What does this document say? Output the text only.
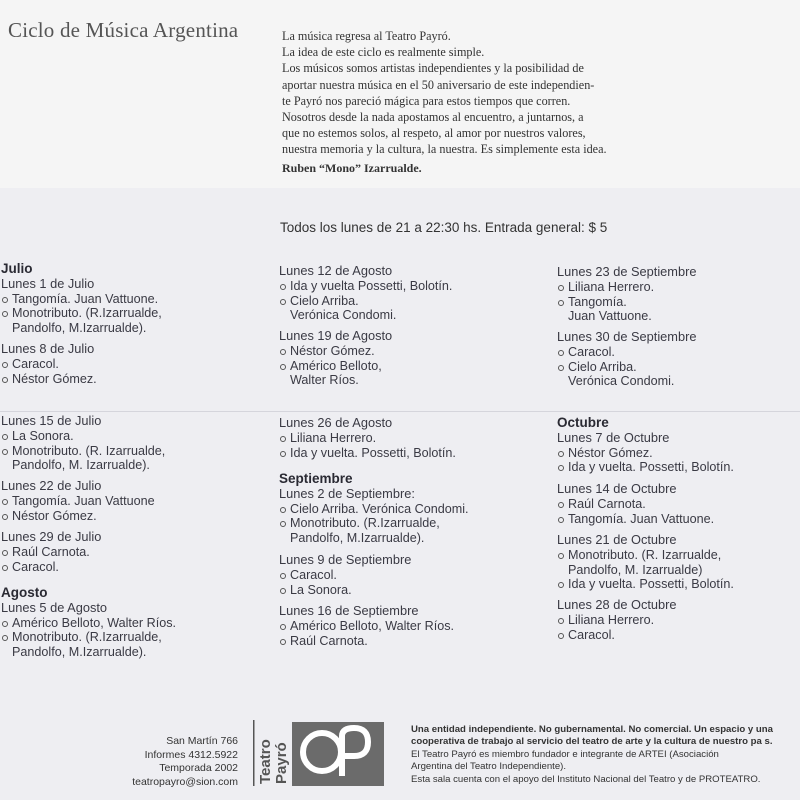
Ciclo de Música Argentina	La música regresa al Teatro Payró.
La idea de este ciclo es realmente simple.
Los músicos somos artistas independientes y la posibilidad de
aportar nuestra música en el 50 aniversario de este independien-
te Payró nos pareció mágica para estos tiempos que corren.
Nosotros desde la nada apostamos al encuentro, a juntarnos, a
que no estemos solos, al respeto, al amor por nuestros valores,
nuestra memoria y la cultura, la nuestra. Es simplemente esta idea.
Ruben “Mono” Izarrualde.
Todos los lunes de 21 a 22:30 hs. Entrada general: $ 5
Julio
Lunes 1 de Julio
Tangomía. Juan Vattuone.
Monotributo. (R.Izarrualde,
Pandolfo, M.Izarrualde).
Lunes 8 de Julio
Caracol.
Néstor Gómez.
Lunes 15 de Julio
La Sonora.
Monotributo. (R. Izarrualde,
Pandolfo, M. Izarrualde).
Lunes 22 de Julio
Tangomía. Juan Vattuone
Néstor Gómez.
Lunes 29 de Julio
Raúl Carnota.
Caracol.
Agosto
Lunes 5 de Agosto
Américo Belloto, Walter Ríos.
Monotributo. (R.Izarrualde,
Pandolfo, M.Izarrualde).
Lunes 12 de Agosto
Ida y vuelta Possetti, Bolotín.
Cielo Arriba.
Verónica Condomi.
Lunes 19 de Agosto
Néstor Gómez.
Américo Belloto,
Walter Ríos.
Lunes 26 de Agosto
Liliana Herrero.
Ida y vuelta. Possetti, Bolotín.
Septiembre
Lunes 2 de Septiembre:
Cielo Arriba. Verónica Condomi.
Monotributo. (R.Izarrualde,
Pandolfo, M.Izarrualde).
Lunes 9 de Septiembre
Caracol.
La Sonora.
Lunes 16 de Septiembre
Américo Belloto, Walter Ríos.
Raúl Carnota.
Lunes 23 de Septiembre
Liliana Herrero.
Tangomía.
Juan Vattuone.
Lunes 30 de Septiembre
Caracol.
Cielo Arriba.
Verónica Condomi.
Octubre
Lunes 7 de Octubre
Néstor Gómez.
Ida y vuelta. Possetti, Bolotín.
Lunes 14 de Octubre
Raúl Carnota.
Tangomía. Juan Vattuone.
Lunes 21 de Octubre
Monotributo. (R. Izarrualde,
Pandolfo, M. Izarrualde)
Ida y vuelta. Possetti, Bolotín.
Lunes 28 de Octubre
Liliana Herrero.
Caracol.
San Martín 766
Informes 4312.5922
Temporada 2002
teatropayro@sion.com Teatro Payró
Una entidad independiente. No gubernamental. No comercial. Un espacio y una
cooperativa de trabajo al servicio del teatro de arte y la cultura de nuestro pa s.
El Teatro Payró es miembro fundador e integrante de ARTEI (Asociación
Argentina del Teatro Independiente).
Esta sala cuenta con el apoyo del Instituto Nacional del Teatro y de PROTEATRO.
